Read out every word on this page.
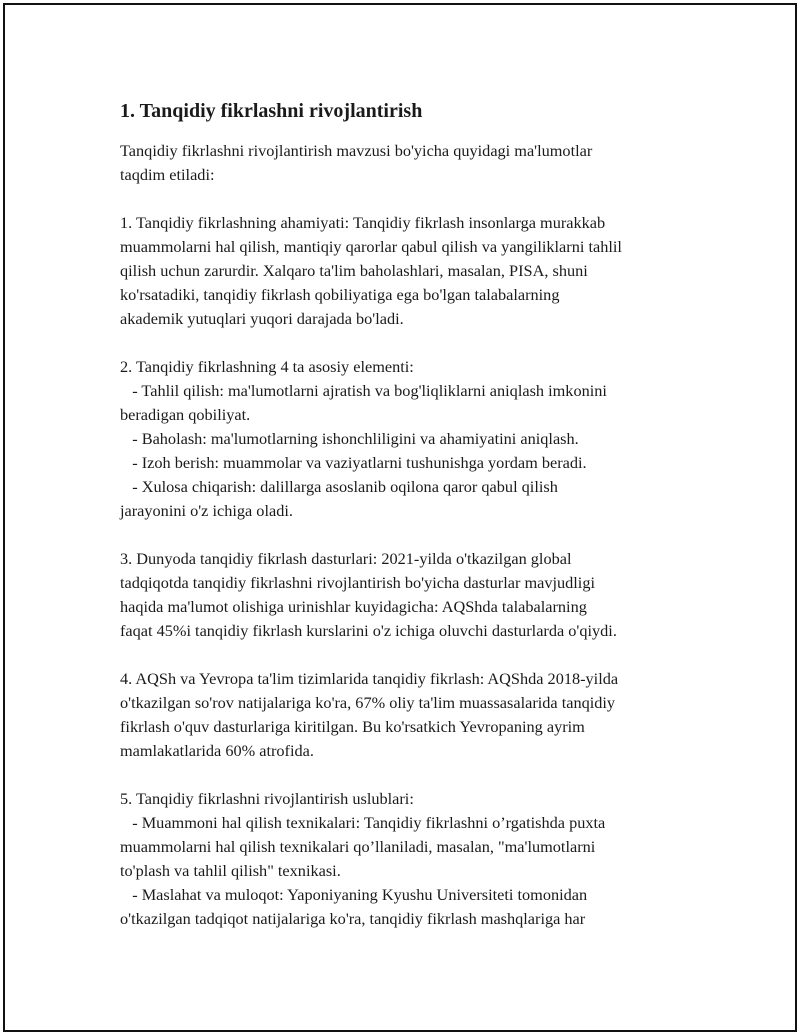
1. Tanqidiy fikrlashni rivojlantirish
Tanqidiy fikrlashni rivojlantirish mavzusi bo'yicha quyidagi ma'lumotlar
taqdim etiladi:
1. Tanqidiy fikrlashning ahamiyati: Tanqidiy fikrlash insonlarga murakkab
muammolarni hal qilish, mantiqiy qarorlar qabul qilish va yangiliklarni tahlil
qilish uchun zarurdir. Xalqaro ta'lim baholashlari, masalan, PISA, shuni
ko'rsatadiki, tanqidiy fikrlash qobiliyatiga ega bo'lgan talabalarning
akademik yutuqlari yuqori darajada bo'ladi.
2. Tanqidiy fikrlashning 4 ta asosiy elementi:
- Tahlil qilish: ma'lumotlarni ajratish va bog'liqliklarni aniqlash imkonini
beradigan qobiliyat.
- Baholash: ma'lumotlarning ishonchliligini va ahamiyatini aniqlash.
- Izoh berish: muammolar va vaziyatlarni tushunishga yordam beradi.
- Xulosa chiqarish: dalillarga asoslanib oqilona qaror qabul qilish
jarayonini o'z ichiga oladi.
3. Dunyoda tanqidiy fikrlash dasturlari: 2021-yilda o'tkazilgan global
tadqiqotda tanqidiy fikrlashni rivojlantirish bo'yicha dasturlar mavjudligi
haqida ma'lumot olishiga urinishlar kuyidagicha: AQShda talabalarning
faqat 45%i tanqidiy fikrlash kurslarini o'z ichiga oluvchi dasturlarda o'qiydi.
4. AQSh va Yevropa ta'lim tizimlarida tanqidiy fikrlash: AQShda 2018-yilda
o'tkazilgan so'rov natijalariga ko'ra, 67% oliy ta'lim muassasalarida tanqidiy
fikrlash o'quv dasturlariga kiritilgan. Bu ko'rsatkich Yevropaning ayrim
mamlakatlarida 60% atrofida.
5. Tanqidiy fikrlashni rivojlantirish uslublari:
- Muammoni hal qilish texnikalari: Tanqidiy fikrlashni o’rgatishda puxta
muammolarni hal qilish texnikalari qo’llaniladi, masalan, "ma'lumotlarni
to'plash va tahlil qilish" texnikasi.
- Maslahat va muloqot: Yaponiyaning Kyushu Universiteti tomonidan
o'tkazilgan tadqiqot natijalariga ko'ra, tanqidiy fikrlash mashqlariga har
